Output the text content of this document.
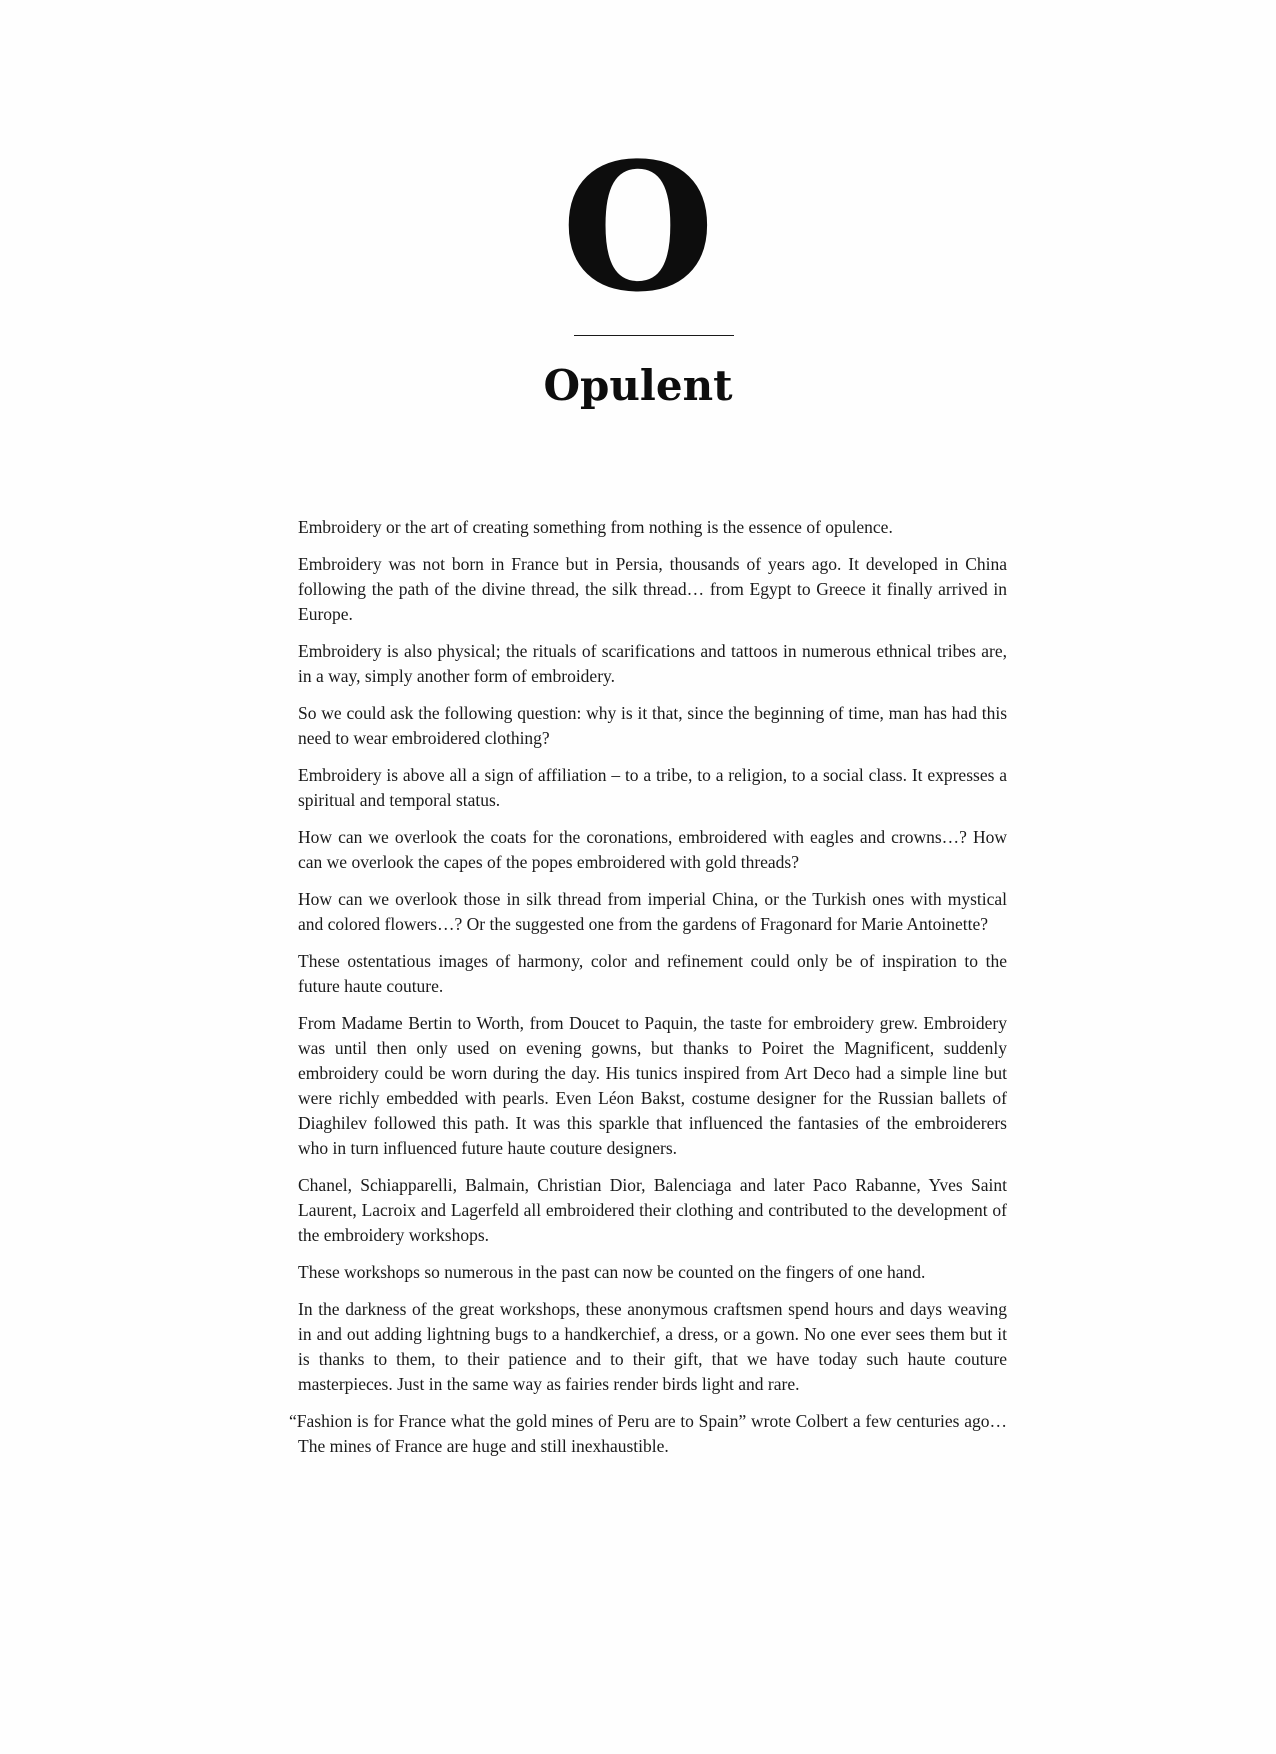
O
Opulent

Embroidery or the art of creating something from nothing is the essence of opulence.

Embroidery was not born in France but in Persia, thousands of years ago. It developed in China following the path of the divine thread, the silk thread… from Egypt to Greece it finally arrived in Europe.

Embroidery is also physical; the rituals of scarifications and tattoos in numerous ethnical tribes are, in a way, simply another form of embroidery.

So we could ask the following question: why is it that, since the beginning of time, man has had this need to wear embroidered clothing?

Embroidery is above all a sign of affiliation – to a tribe, to a religion, to a social class. It expresses a spiritual and temporal status.

How can we overlook the coats for the coronations, embroidered with eagles and crowns…? How can we overlook the capes of the popes embroidered with gold threads?

How can we overlook those in silk thread from imperial China, or the Turkish ones with mystical and colored flowers…? Or the suggested one from the gardens of Fragonard for Marie Antoinette?

These ostentatious images of harmony, color and refinement could only be of inspiration to the future haute couture.

From Madame Bertin to Worth, from Doucet to Paquin, the taste for embroidery grew. Embroidery was until then only used on evening gowns, but thanks to Poiret the Magnificent, suddenly embroidery could be worn during the day. His tunics inspired from Art Deco had a simple line but were richly embedded with pearls. Even Léon Bakst, costume designer for the Russian ballets of Diaghilev followed this path. It was this sparkle that influenced the fantasies of the embroiderers who in turn influenced future haute couture designers.

Chanel, Schiapparelli, Balmain, Christian Dior, Balenciaga and later Paco Rabanne, Yves Saint Laurent, Lacroix and Lagerfeld all embroidered their clothing and contributed to the development of the embroidery workshops.

These workshops so numerous in the past can now be counted on the fingers of one hand.

In the darkness of the great workshops, these anonymous craftsmen spend hours and days weaving in and out adding lightning bugs to a handkerchief, a dress, or a gown. No one ever sees them but it is thanks to them, to their patience and to their gift, that we have today such haute couture masterpieces. Just in the same way as fairies render birds light and rare.

“Fashion is for France what the gold mines of Peru are to Spain” wrote Colbert a few centuries ago… The mines of France are huge and still inexhaustible.
